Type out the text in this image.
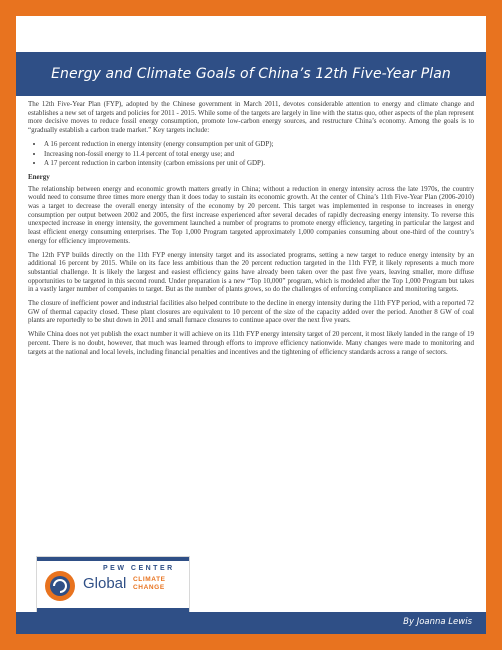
Energy and Climate Goals of China’s 12th Five-Year Plan

The 12th Five-Year Plan (FYP), adopted by the Chinese government in March 2011, devotes considerable attention to energy and climate change and establishes a new set of targets and policies for 2011 - 2015. While some of the targets are largely in line with the status quo, other aspects of the plan represent more decisive moves to reduce fossil energy consumption, promote low-carbon energy sources, and restructure China’s economy. Among the goals is to “gradually establish a carbon trade market.” Key targets include:

• A 16 percent reduction in energy intensity (energy consumption per unit of GDP);
• Increasing non-fossil energy to 11.4 percent of total energy use; and
• A 17 percent reduction in carbon intensity (carbon emissions per unit of GDP).
Energy

The relationship between energy and economic growth matters greatly in China; without a reduction in energy intensity across the late 1970s, the country would need to consume three times more energy than it does today to sustain its economic growth. At the center of China’s 11th Five-Year Plan (2006-2010) was a target to decrease the overall energy intensity of the economy by 20 percent. This target was implemented in response to increases in energy consumption per output between 2002 and 2005, the first increase experienced after several decades of rapidly decreasing energy intensity. To reverse this unexpected increase in energy intensity, the government launched a number of programs to promote energy efficiency, targeting in particular the largest and least efficient energy consuming enterprises. The Top 1,000 Program targeted approximately 1,000 companies consuming about one-third of the country’s energy for efficiency improvements.

The 12th FYP builds directly on the 11th FYP energy intensity target and its associated programs, setting a new target to reduce energy intensity by an additional 16 percent by 2015. While on its face less ambitious than the 20 percent reduction targeted in the 11th FYP, it likely represents a much more substantial challenge. It is likely the largest and easiest efficiency gains have already been taken over the past five years, leaving smaller, more diffuse opportunities to be targeted in this second round. Under preparation is a new “Top 10,000” program, which is modeled after the Top 1,000 Program but takes in a vastly larger number of companies to target. But as the number of plants grows, so do the challenges of enforcing compliance and monitoring targets.

The closure of inefficient power and industrial facilities also helped contribute to the decline in energy intensity during the 11th FYP period, with a reported 72 GW of thermal capacity closed. These plant closures are equivalent to 10 percent of the size of the capacity added over the period. Another 8 GW of coal plants are reportedly to be shut down in 2011 and small furnace closures to continue apace over the next five years.

While China does not yet publish the exact number it will achieve on its 11th FYP energy intensity target of 20 percent, it most likely landed in the range of 19 percent. There is no doubt, however, that much was learned through efforts to improve efficiency nationwide. Many changes were made to monitoring and targets at the national and local levels, including financial penalties and incentives and the tightening of efficiency standards across a range of sectors.

PEW CENTER
Global CLIMATE
CHANGE
By Joanna Lewis
